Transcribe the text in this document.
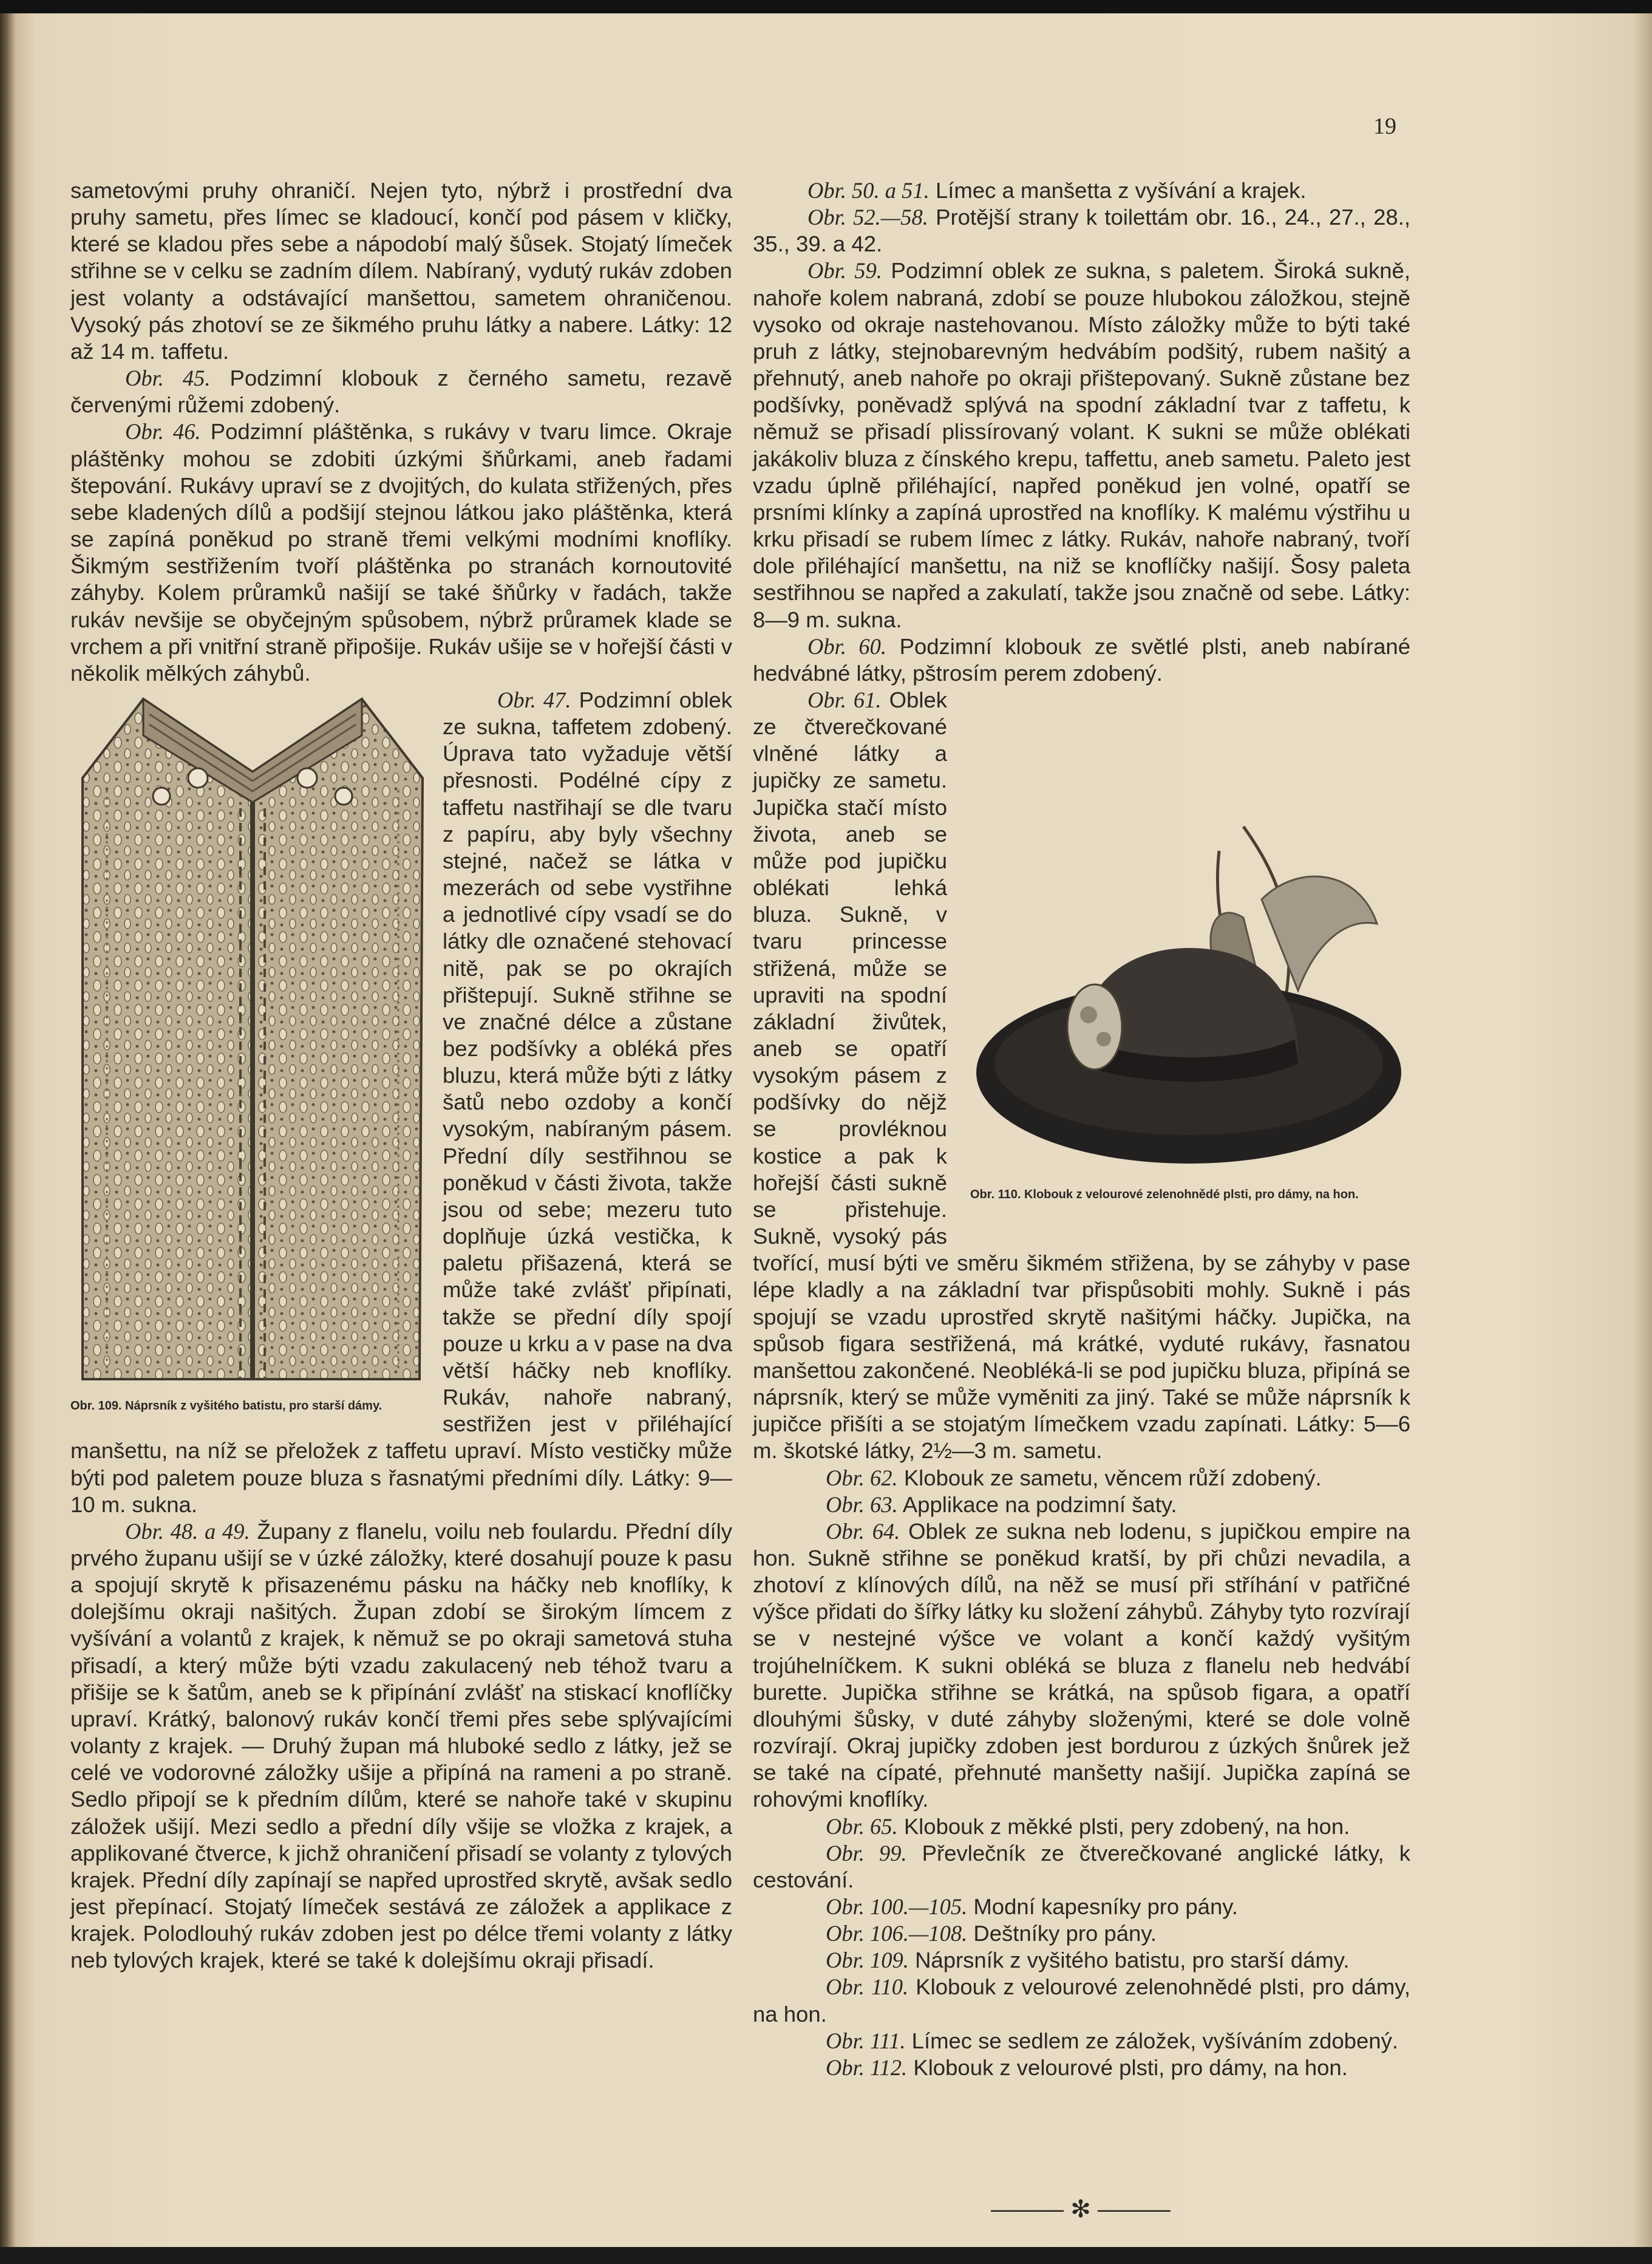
19

sametovými pruhy ohraničí. Nejen tyto, nýbrž i prostřední dva pruhy sametu, přes límec se kladoucí, končí pod pásem v kličky, které se kladou přes sebe a nápodobí malý šůsek. Stojatý límeček střihne se v celku se zadním dílem. Nabíraný, vydutý rukáv zdoben jest volanty a odstávající manšettou, sametem ohraničenou. Vysoký pás zhotoví se ze šikmého pruhu látky a nabere. Látky: 12 až 14 m. taffetu.

Obr. 45. Podzimní klobouk z černého sametu, rezavě červenými růžemi zdobený.

Obr. 46. Podzimní pláštěnka, s rukávy v tvaru limce. Okraje pláštěnky mohou se zdobiti úzkými šňůrkami, aneb řadami štepování. Rukávy upraví se z dvojitých, do kulata střižených, přes sebe kladených dílů a podšijí stejnou látkou jako pláštěnka, která se zapíná poněkud po straně třemi velkými modními knoflíky. Šikmým sestřižením tvoří pláštěnka po stranách kornoutovité záhyby. Kolem průramků našijí se také šňůrky v řadách, takže rukáv nevšije se obyčejným spůsobem, nýbrž průramek klade se vrchem a při vnitřní straně připošije. Rukáv ušije se v hořejší části v několik mělkých záhybů.

Obr. 109. Náprsník z vyšitého batistu, pro starší dámy.

Obr. 47. Podzimní oblek ze sukna, taffetem zdobený. Úprava tato vyžaduje větší přesnosti. Podélné cípy z taffetu nastřihají se dle tvaru z papíru, aby byly všechny stejné, načež se látka v mezerách od sebe vystřihne a jednotlivé cípy vsadí se do látky dle označené stehovací nitě, pak se po okrajích přištepují. Sukně střihne se ve značné délce a zůstane bez podšívky a obléká přes bluzu, která může býti z látky šatů nebo ozdoby a končí vysokým, nabíraným pásem. Přední díly sestřihnou se poněkud v části života, takže jsou od sebe; mezeru tuto doplňuje úzká vestička, k paletu přišazená, která se může také zvlášť připínati, takže se přední díly spojí pouze u krku a v pase na dva větší háčky neb knoflíky. Rukáv, nahoře nabraný, sestřižen jest v přiléhající manšettu, na níž se přeložek z taffetu upraví. Místo vestičky může býti pod paletem pouze bluza s řasnatými předními díly. Látky: 9—10 m. sukna.

Obr. 48. a 49. Župany z flanelu, voilu neb foulardu. Přední díly prvého županu ušijí se v úzké záložky, které dosahují pouze k pasu a spojují skrytě k přisazenému pásku na háčky neb knoflíky, k dolejšímu okraji našitých. Župan zdobí se širokým límcem z vyšívání a volantů z krajek, k němuž se po okraji sametová stuha přisadí, a který může býti vzadu zakulacený neb téhož tvaru a přišije se k šatům, aneb se k připínání zvlášť na stiskací knoflíčky upraví. Krátký, balonový rukáv končí třemi přes sebe splývajícími volanty z krajek. — Druhý župan má hluboké sedlo z látky, jež se celé ve vodorovné záložky ušije a připíná na rameni a po straně. Sedlo připojí se k předním dílům, které se nahoře také v skupinu záložek ušijí. Mezi sedlo a přední díly všije se vložka z krajek, a applikované čtverce, k jichž ohraničení přisadí se volanty z tylových krajek. Přední díly zapínají se napřed uprostřed skrytě, avšak sedlo jest přepínací. Stojatý límeček sestává ze záložek a applikace z krajek. Polodlouhý rukáv zdoben jest po délce třemi volanty z látky neb tylových krajek, které se také k dolejšímu okraji přisadí.

Obr. 50. a 51. Límec a manšetta z vyšívání a krajek.

Obr. 52.—58. Protější strany k toilettám obr. 16., 24., 27., 28., 35., 39. a 42.

Obr. 59. Podzimní oblek ze sukna, s paletem. Široká sukně, nahoře kolem nabraná, zdobí se pouze hlubokou záložkou, stejně vysoko od okraje nastehovanou. Místo záložky může to býti také pruh z látky, stejnobarevným hedvábím podšitý, rubem našitý a přehnutý, aneb nahoře po okraji přištepovaný. Sukně zůstane bez podšívky, poněvadž splývá na spodní základní tvar z taffetu, k němuž se přisadí plissírovaný volant. K sukni se může oblékati jakákoliv bluza z čínského krepu, taffettu, aneb sametu. Paleto jest vzadu úplně přiléhající, napřed poněkud jen volné, opatří se prsními klínky a zapíná uprostřed na knoflíky. K malému výstřihu u krku přisadí se rubem límec z látky. Rukáv, nahoře nabraný, tvoří dole přiléhající manšettu, na niž se knoflíčky našijí. Šosy paleta sestřihnou se napřed a zakulatí, takže jsou značně od sebe. Látky: 8—9 m. sukna.

Obr. 60. Podzimní klobouk ze světlé plsti, aneb nabírané hedvábné látky, pštrosím perem zdobený.

Obr. 110. Klobouk z velourové zelenohnědé plsti, pro dámy, na hon.

Obr. 61. Oblek ze čtverečkované vlněné látky a jupičky ze sametu. Jupička stačí místo života, aneb se může pod jupičku oblékati lehká bluza. Sukně, v tvaru princesse střižená, může se upraviti na spodní základní živůtek, aneb se opatří vysokým pásem z podšívky do nějž se provléknou kostice a pak k hořejší části sukně se přistehuje. Sukně, vysoký pás tvořící, musí býti ve směru šikmém střižena, by se záhyby v pase lépe kladly a na základní tvar přispůsobiti mohly. Sukně i pás spojují se vzadu uprostřed skrytě našitými háčky. Jupička, na spůsob figara sestřižená, má krátké, vyduté rukávy, řasnatou manšettou zakončené. Neobléká-li se pod jupičku bluza, připíná se náprsník, který se může vyměniti za jiný. Také se může náprsník k jupičce přišíti a se stojatým límečkem vzadu zapínati. Látky: 5—6 m. škotské látky, 2½—3 m. sametu.

Obr. 62. Klobouk ze sametu, věncem růží zdobený.

Obr. 63. Applikace na podzimní šaty.

Obr. 64. Oblek ze sukna neb lodenu, s jupičkou empire na hon. Sukně střihne se poněkud kratší, by při chůzi nevadila, a zhotoví z klínových dílů, na něž se musí při stříhání v patřičné výšce přidati do šířky látky ku složení záhybů. Záhyby tyto rozvírají se v nestejné výšce ve volant a končí každý vyšitým trojúhelníčkem. K sukni obléká se bluza z flanelu neb hedvábí burette. Jupička střihne se krátká, na spůsob figara, a opatří dlouhými šůsky, v duté záhyby složenými, které se dole volně rozvírají. Okraj jupičky zdoben jest bordurou z úzkých šnůrek jež se také na cípaté, přehnuté manšetty našijí. Jupička zapíná se rohovými knoflíky.

Obr. 65. Klobouk z měkké plsti, pery zdobený, na hon.

Obr. 99. Převlečník ze čtverečkované anglické látky, k cestování.

Obr. 100.—105. Modní kapesníky pro pány.

Obr. 106.—108. Deštníky pro pány.

Obr. 109. Náprsník z vyšitého batistu, pro starší dámy.

Obr. 110. Klobouk z velourové zelenohnědé plsti, pro dámy, na hon.

Obr. 111. Límec se sedlem ze záložek, vyšíváním zdobený.

Obr. 112. Klobouk z velourové plsti, pro dámy, na hon.

——— ✻ ———
